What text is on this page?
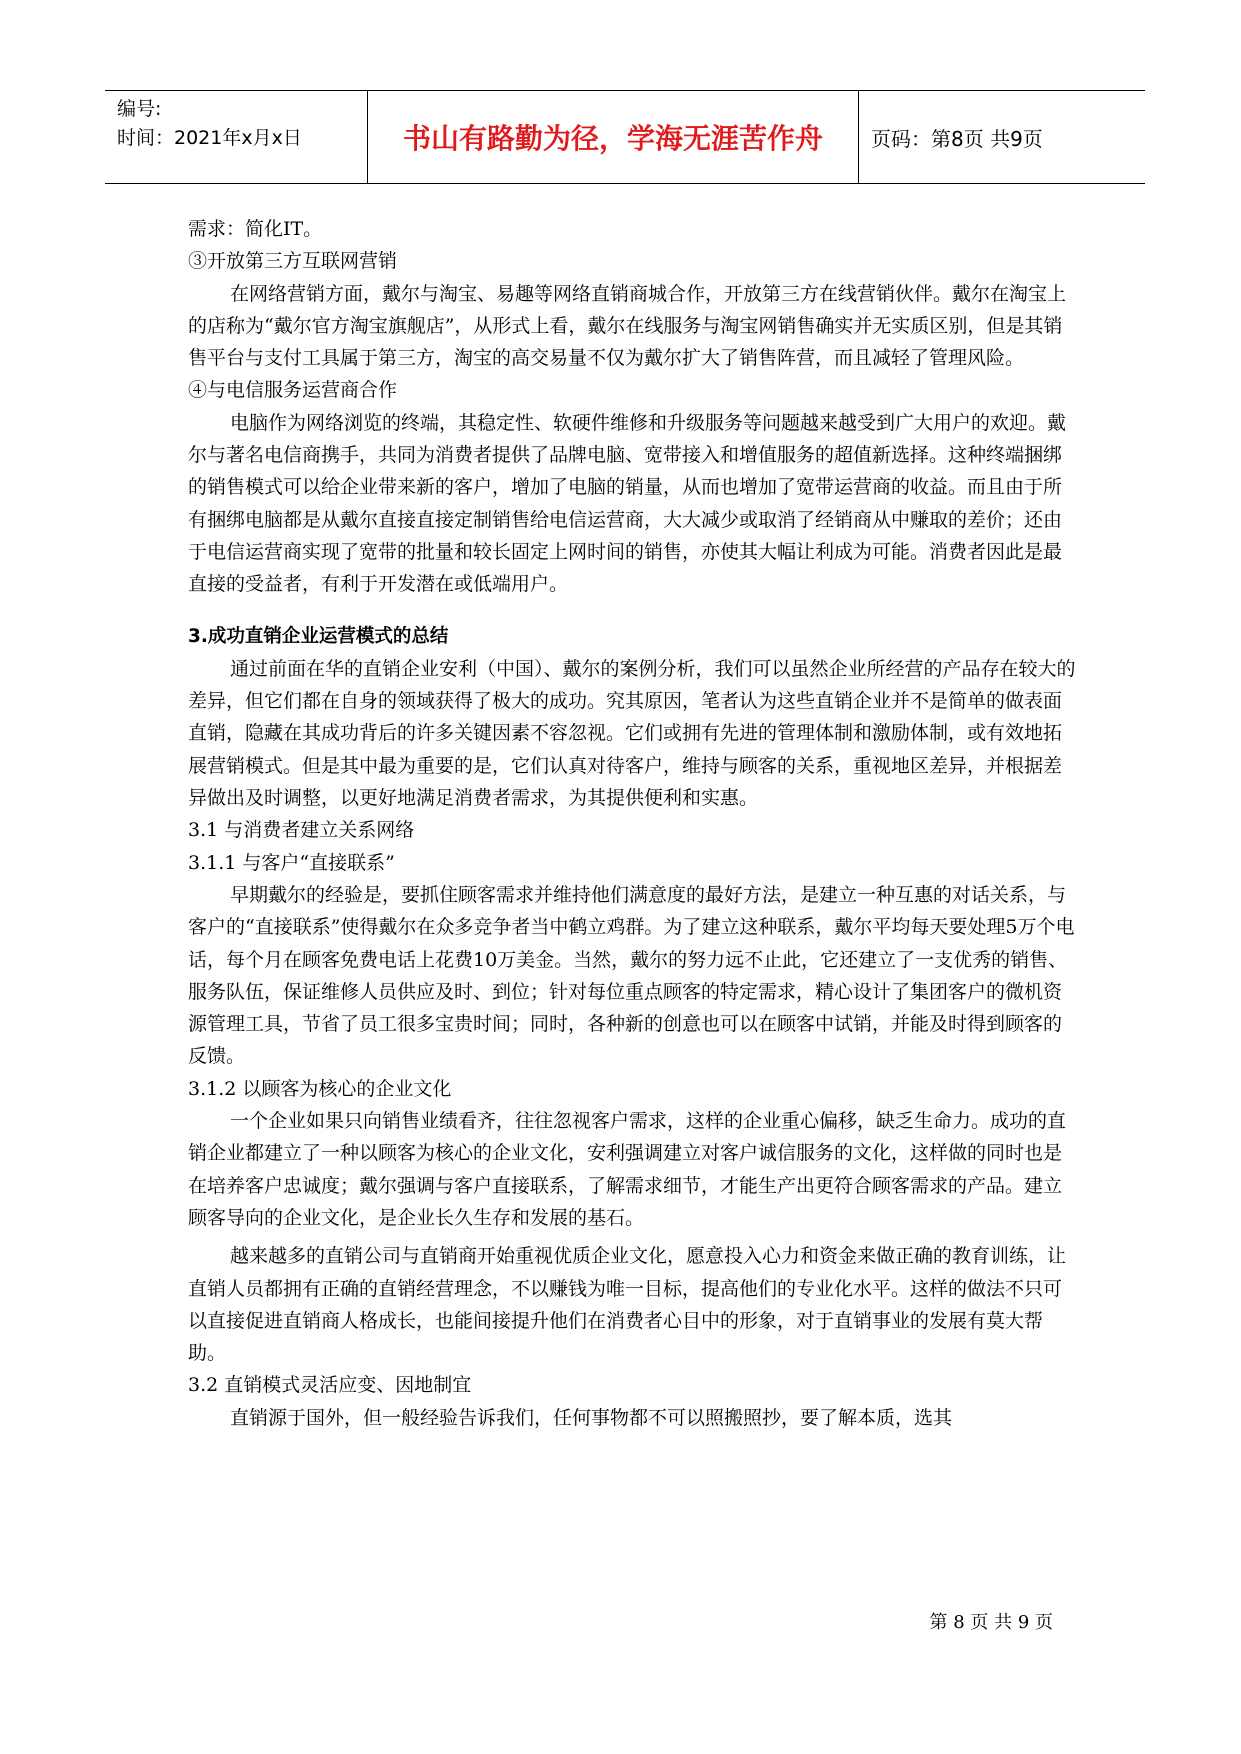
编号:
时间：2021年x月x日	书山有路勤为径，学海无涯苦作舟	页码：第8页 共9页

需求：简化IT。

③开放第三方互联网营销

在网络营销方面，戴尔与淘宝、易趣等网络直销商城合作，开放第三方在线营销伙伴。戴尔在淘宝上的店称为“戴尔官方淘宝旗舰店”，从形式上看，戴尔在线服务与淘宝网销售确实并无实质区别，但是其销售平台与支付工具属于第三方，淘宝的高交易量不仅为戴尔扩大了销售阵营，而且减轻了管理风险。

④与电信服务运营商合作

电脑作为网络浏览的终端，其稳定性、软硬件维修和升级服务等问题越来越受到广大用户的欢迎。戴尔与著名电信商携手，共同为消费者提供了品牌电脑、宽带接入和增值服务的超值新选择。这种终端捆绑的销售模式可以给企业带来新的客户，增加了电脑的销量，从而也增加了宽带运营商的收益。而且由于所有捆绑电脑都是从戴尔直接直接定制销售给电信运营商，大大减少或取消了经销商从中赚取的差价；还由于电信运营商实现了宽带的批量和较长固定上网时间的销售，亦使其大幅让利成为可能。消费者因此是最直接的受益者，有利于开发潜在或低端用户。

3.成功直销企业运营模式的总结

通过前面在华的直销企业安利（中国）、戴尔的案例分析，我们可以虽然企业所经营的产品存在较大的差异，但它们都在自身的领域获得了极大的成功。究其原因，笔者认为这些直销企业并不是简单的做表面直销，隐藏在其成功背后的许多关键因素不容忽视。它们或拥有先进的管理体制和激励体制，或有效地拓展营销模式。但是其中最为重要的是，它们认真对待客户，维持与顾客的关系，重视地区差异，并根据差异做出及时调整，以更好地满足消费者需求，为其提供便利和实惠。

3.1 与消费者建立关系网络

3.1.1 与客户“直接联系”

早期戴尔的经验是，要抓住顾客需求并维持他们满意度的最好方法，是建立一种互惠的对话关系，与客户的“直接联系”使得戴尔在众多竞争者当中鹤立鸡群。为了建立这种联系，戴尔平均每天要处理5万个电话，每个月在顾客免费电话上花费10万美金。当然，戴尔的努力远不止此，它还建立了一支优秀的销售、服务队伍，保证维修人员供应及时、到位；针对每位重点顾客的特定需求，精心设计了集团客户的微机资源管理工具，节省了员工很多宝贵时间；同时，各种新的创意也可以在顾客中试销，并能及时得到顾客的反馈。

3.1.2 以顾客为核心的企业文化

一个企业如果只向销售业绩看齐，往往忽视客户需求，这样的企业重心偏移，缺乏生命力。成功的直销企业都建立了一种以顾客为核心的企业文化，安利强调建立对客户诚信服务的文化，这样做的同时也是在培养客户忠诚度；戴尔强调与客户直接联系，了解需求细节，才能生产出更符合顾客需求的产品。建立顾客导向的企业文化，是企业长久生存和发展的基石。

越来越多的直销公司与直销商开始重视优质企业文化，愿意投入心力和资金来做正确的教育训练，让直销人员都拥有正确的直销经营理念，不以赚钱为唯一目标，提高他们的专业化水平。这样的做法不只可以直接促进直销商人格成长，也能间接提升他们在消费者心目中的形象，对于直销事业的发展有莫大帮助。

3.2 直销模式灵活应变、因地制宜

直销源于国外，但一般经验告诉我们，任何事物都不可以照搬照抄，要了解本质，选其

第 8 页 共 9 页
